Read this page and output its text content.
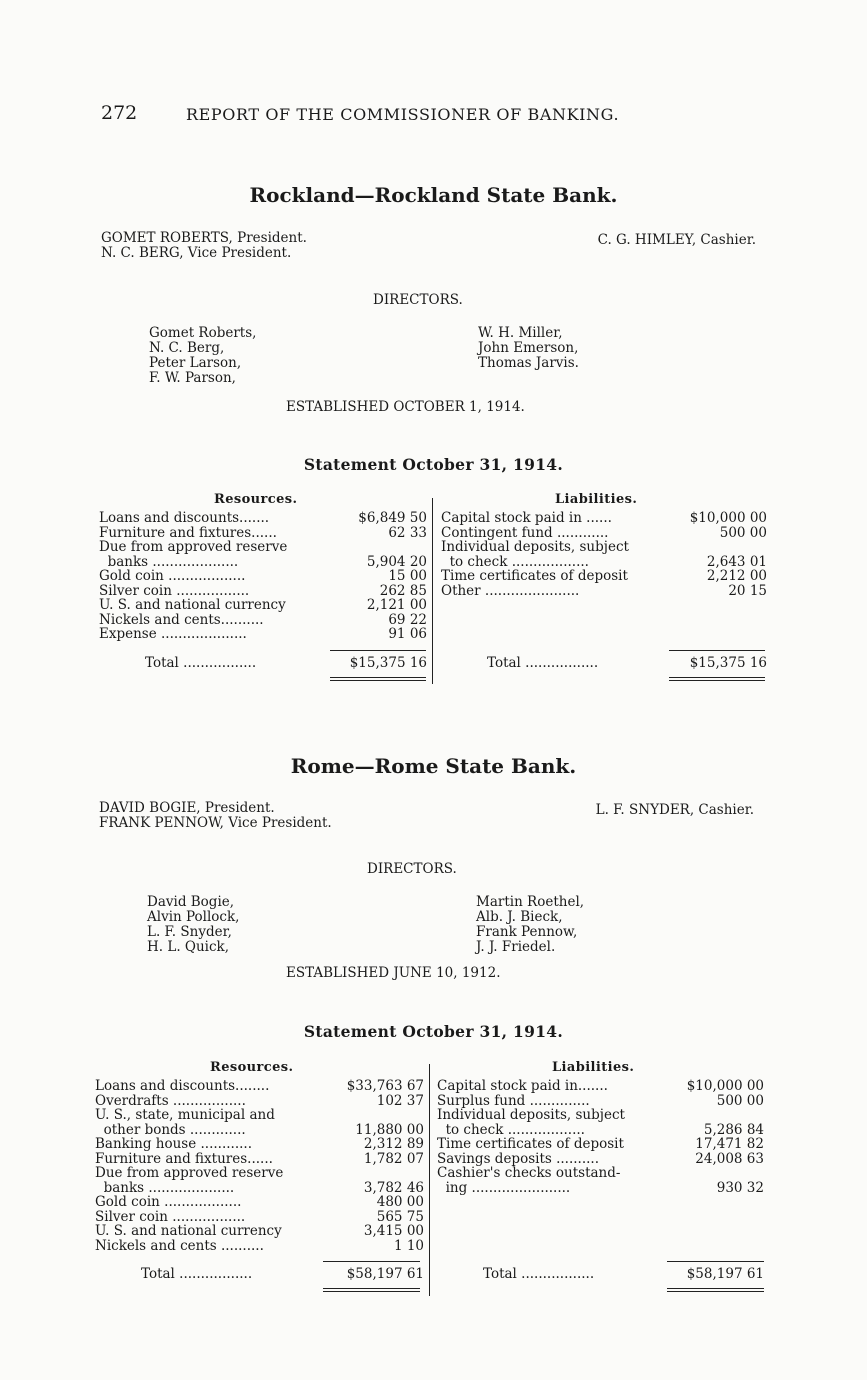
272	REPORT OF THE COMMISSIONER OF BANKING.
Rockland—Rockland State Bank.
GOMET ROBERTS, President.
N. C. BERG, Vice President.
C. G. HIMLEY, Cashier.
DIRECTORS.
Gomet Roberts,
N. C. Berg,
Peter Larson,
F. W. Parson,
W. H. Miller,
John Emerson,
Thomas Jarvis.
ESTABLISHED OCTOBER 1, 1914.
Statement October 31, 1914.
Resources.
Loans and discounts.......	$6,849 50
Furniture and fixtures......	62 33
Due from approved reserve
banks ....................	5,904 20
Gold coin ..................	15 00
Silver coin .................	262 85
U. S. and national currency	2,121 00
Nickels and cents..........	69 22
Expense ....................	91 06
Total .................	$15,375 16
Liabilities.
Capital stock paid in ......	$10,000 00
Contingent fund ............	500 00
Individual deposits, subject
to check ..................	2,643 01
Time certificates of deposit	2,212 00
Other ......................	20 15
Total .................	$15,375 16
Rome—Rome State Bank.
DAVID BOGIE, President.
FRANK PENNOW, Vice President.
L. F. SNYDER, Cashier.
DIRECTORS.
David Bogie,
Alvin Pollock,
L. F. Snyder,
H. L. Quick,
Martin Roethel,
Alb. J. Bieck,
Frank Pennow,
J. J. Friedel.
ESTABLISHED JUNE 10, 1912.
Statement October 31, 1914.
Resources.
Loans and discounts........	$33,763 67
Overdrafts .................	102 37
U. S., state, municipal and
other bonds .............	11,880 00
Banking house ............	2,312 89
Furniture and fixtures......	1,782 07
Due from approved reserve
banks ....................	3,782 46
Gold coin ..................	480 00
Silver coin .................	565 75
U. S. and national currency	3,415 00
Nickels and cents ..........	1 10
Total .................	$58,197 61
Liabilities.
Capital stock paid in.......	$10,000 00
Surplus fund ..............	500 00
Individual deposits, subject
to check ..................	5,286 84
Time certificates of deposit	17,471 82
Savings deposits ..........	24,008 63
Cashier's checks outstand-
ing .......................	930 32
Total .................	$58,197 61
